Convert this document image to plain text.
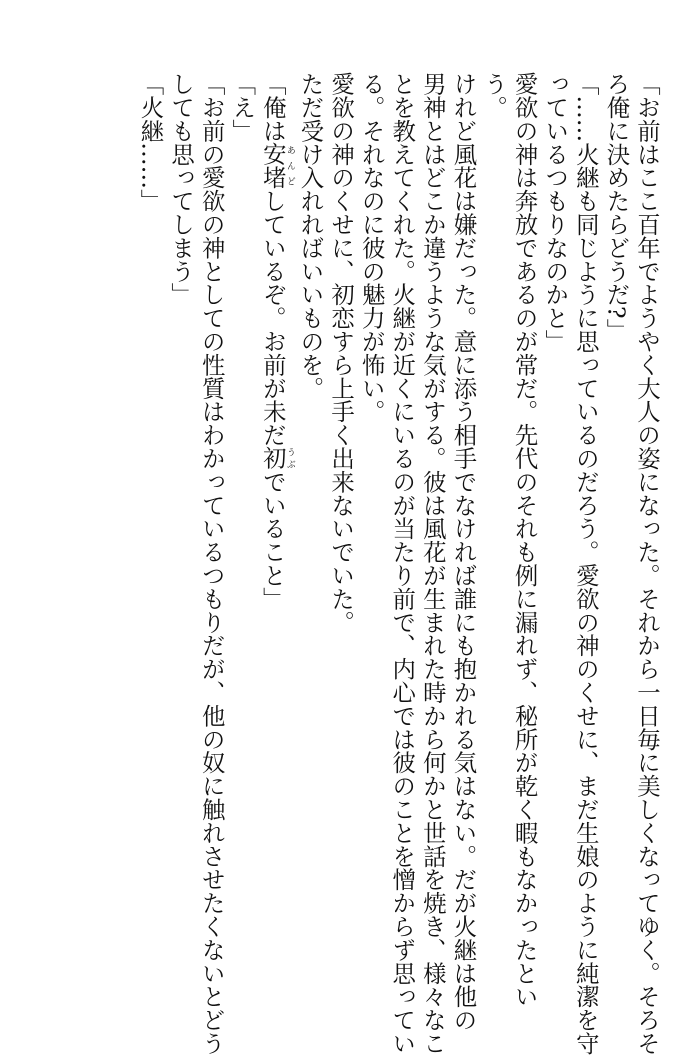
「お前はここ百年でようやく大人の姿になった。それから一日毎に美しくなってゆく。そろそ
ろ俺に決めたらどうだ?」
「……火継も同じように思っているのだろう。愛欲の神のくせに、まだ生娘のように純潔を守
っているつもりなのかと」
愛欲の神は奔放であるのが常だ。先代のそれも例に漏れず、秘所が乾く暇もなかったとい
う。
けれど風花は嫌だった。意に添う相手でなければ誰にも抱かれる気はない。だが火継は他の
男神とはどこか違うような気がする。彼は風花が生まれた時から何かと世話を焼き、様々なこ
とを教えてくれた。火継が近くにいるのが当たり前で、内心では彼のことを憎からず思ってい
る。それなのに彼の魅力が怖い。
愛欲の神のくせに、初恋すら上手く出来ないでいた。
ただ受け入れればいいものを。
「俺は安堵あんどしているぞ。お前が未だ初うぶでいること」
「え」
「お前の愛欲の神としての性質はわかっているつもりだが、他の奴に触れさせたくないとどう
しても思ってしまう」
「火継……」
